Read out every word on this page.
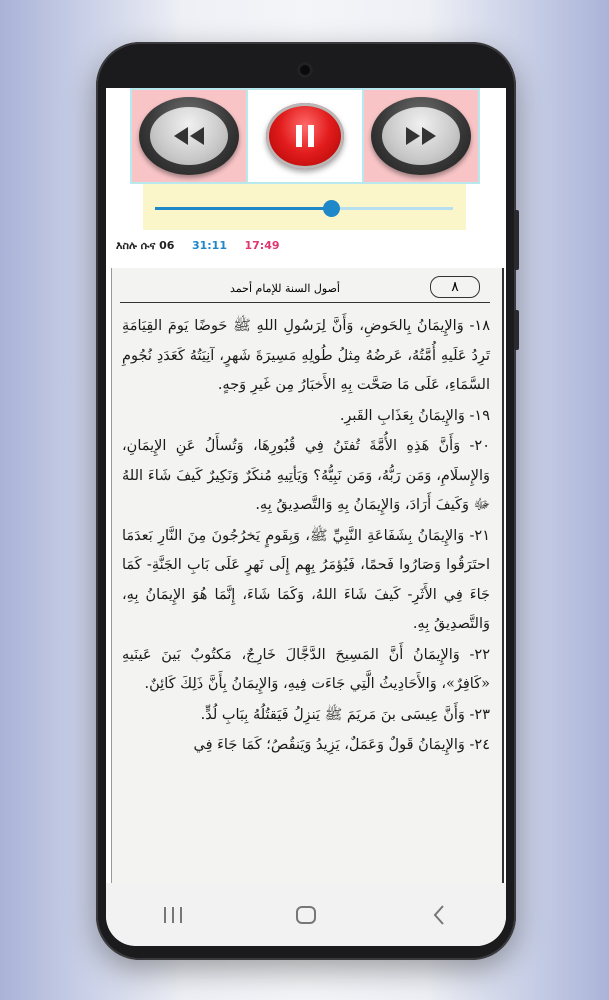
እስሉ ሱና 06 31:11 17:49
٨
أصول السنة للإمام أحمد

١٨- وَالإِيمَانُ بِالحَوضِ، وَأَنَّ لِرَسُولِ اللهِ ﷺ حَوضًا يَومَ القِيَامَةِ تَرِدُ عَلَيهِ أُمَّتُهُ، عَرضُهُ مِثلُ طُولِهِ مَسِيرَةَ شَهرٍ، آنِيَتُهُ كَعَدَدِ نُجُومِ السَّمَاءِ، عَلَى مَا صَحَّت بِهِ الأَخبَارُ مِن غَيرِ وَجهٍ.

١٩- وَالإِيمَانُ بِعَذَابِ القَبرِ.

٢٠- وَأَنَّ هَذِهِ الأُمَّةَ تُفتَنُ فِي قُبُورِهَا، وَتُسأَلُ عَنِ الإِيمَانِ، وَالإِسلَامِ، وَمَن رَبُّهُ، وَمَن نَبِيُّهُ؟ وَيَأتِيهِ مُنكَرٌ وَنَكِيرٌ كَيفَ شَاءَ اللهُ ﷻ وَكَيفَ أَرَادَ، وَالإِيمَانُ بِهِ وَالتَّصدِيقُ بِهِ.

٢١- وَالإِيمَانُ بِشَفَاعَةِ النَّبِيِّ ﷺ، وَبِقَومٍ يَخرُجُونَ مِنَ النَّارِ بَعدَمَا احتَرَقُوا وَصَارُوا فَحمًا، فَيُؤمَرُ بِهِم إِلَى نَهرٍ عَلَى بَابِ الجَنَّةِ- كَمَا جَاءَ فِي الأَثَرِ- كَيفَ شَاءَ اللهُ، وَكَمَا شَاءَ، إِنَّمَا هُوَ الإِيمَانُ بِهِ، وَالتَّصدِيقُ بِهِ.

٢٢- وَالإِيمَانُ أَنَّ المَسِيحَ الدَّجَّالَ خَارِجٌ، مَكتُوبٌ بَينَ عَينَيهِ «كَافِرٌ»، وَالأَحَادِيثُ الَّتِي جَاءَت فِيهِ، وَالإِيمَانُ بِأَنَّ ذَلِكَ كَائِنٌ.

٢٣- وَأَنَّ عِيسَى بنَ مَريَمَ ﷺ يَنزِلُ فَيَقتُلُهُ بِبَابِ لُدٍّ.

٢٤- وَالإِيمَانُ قَولٌ وَعَمَلٌ، يَزِيدُ وَيَنقُصُ؛ كَمَا جَاءَ فِي
